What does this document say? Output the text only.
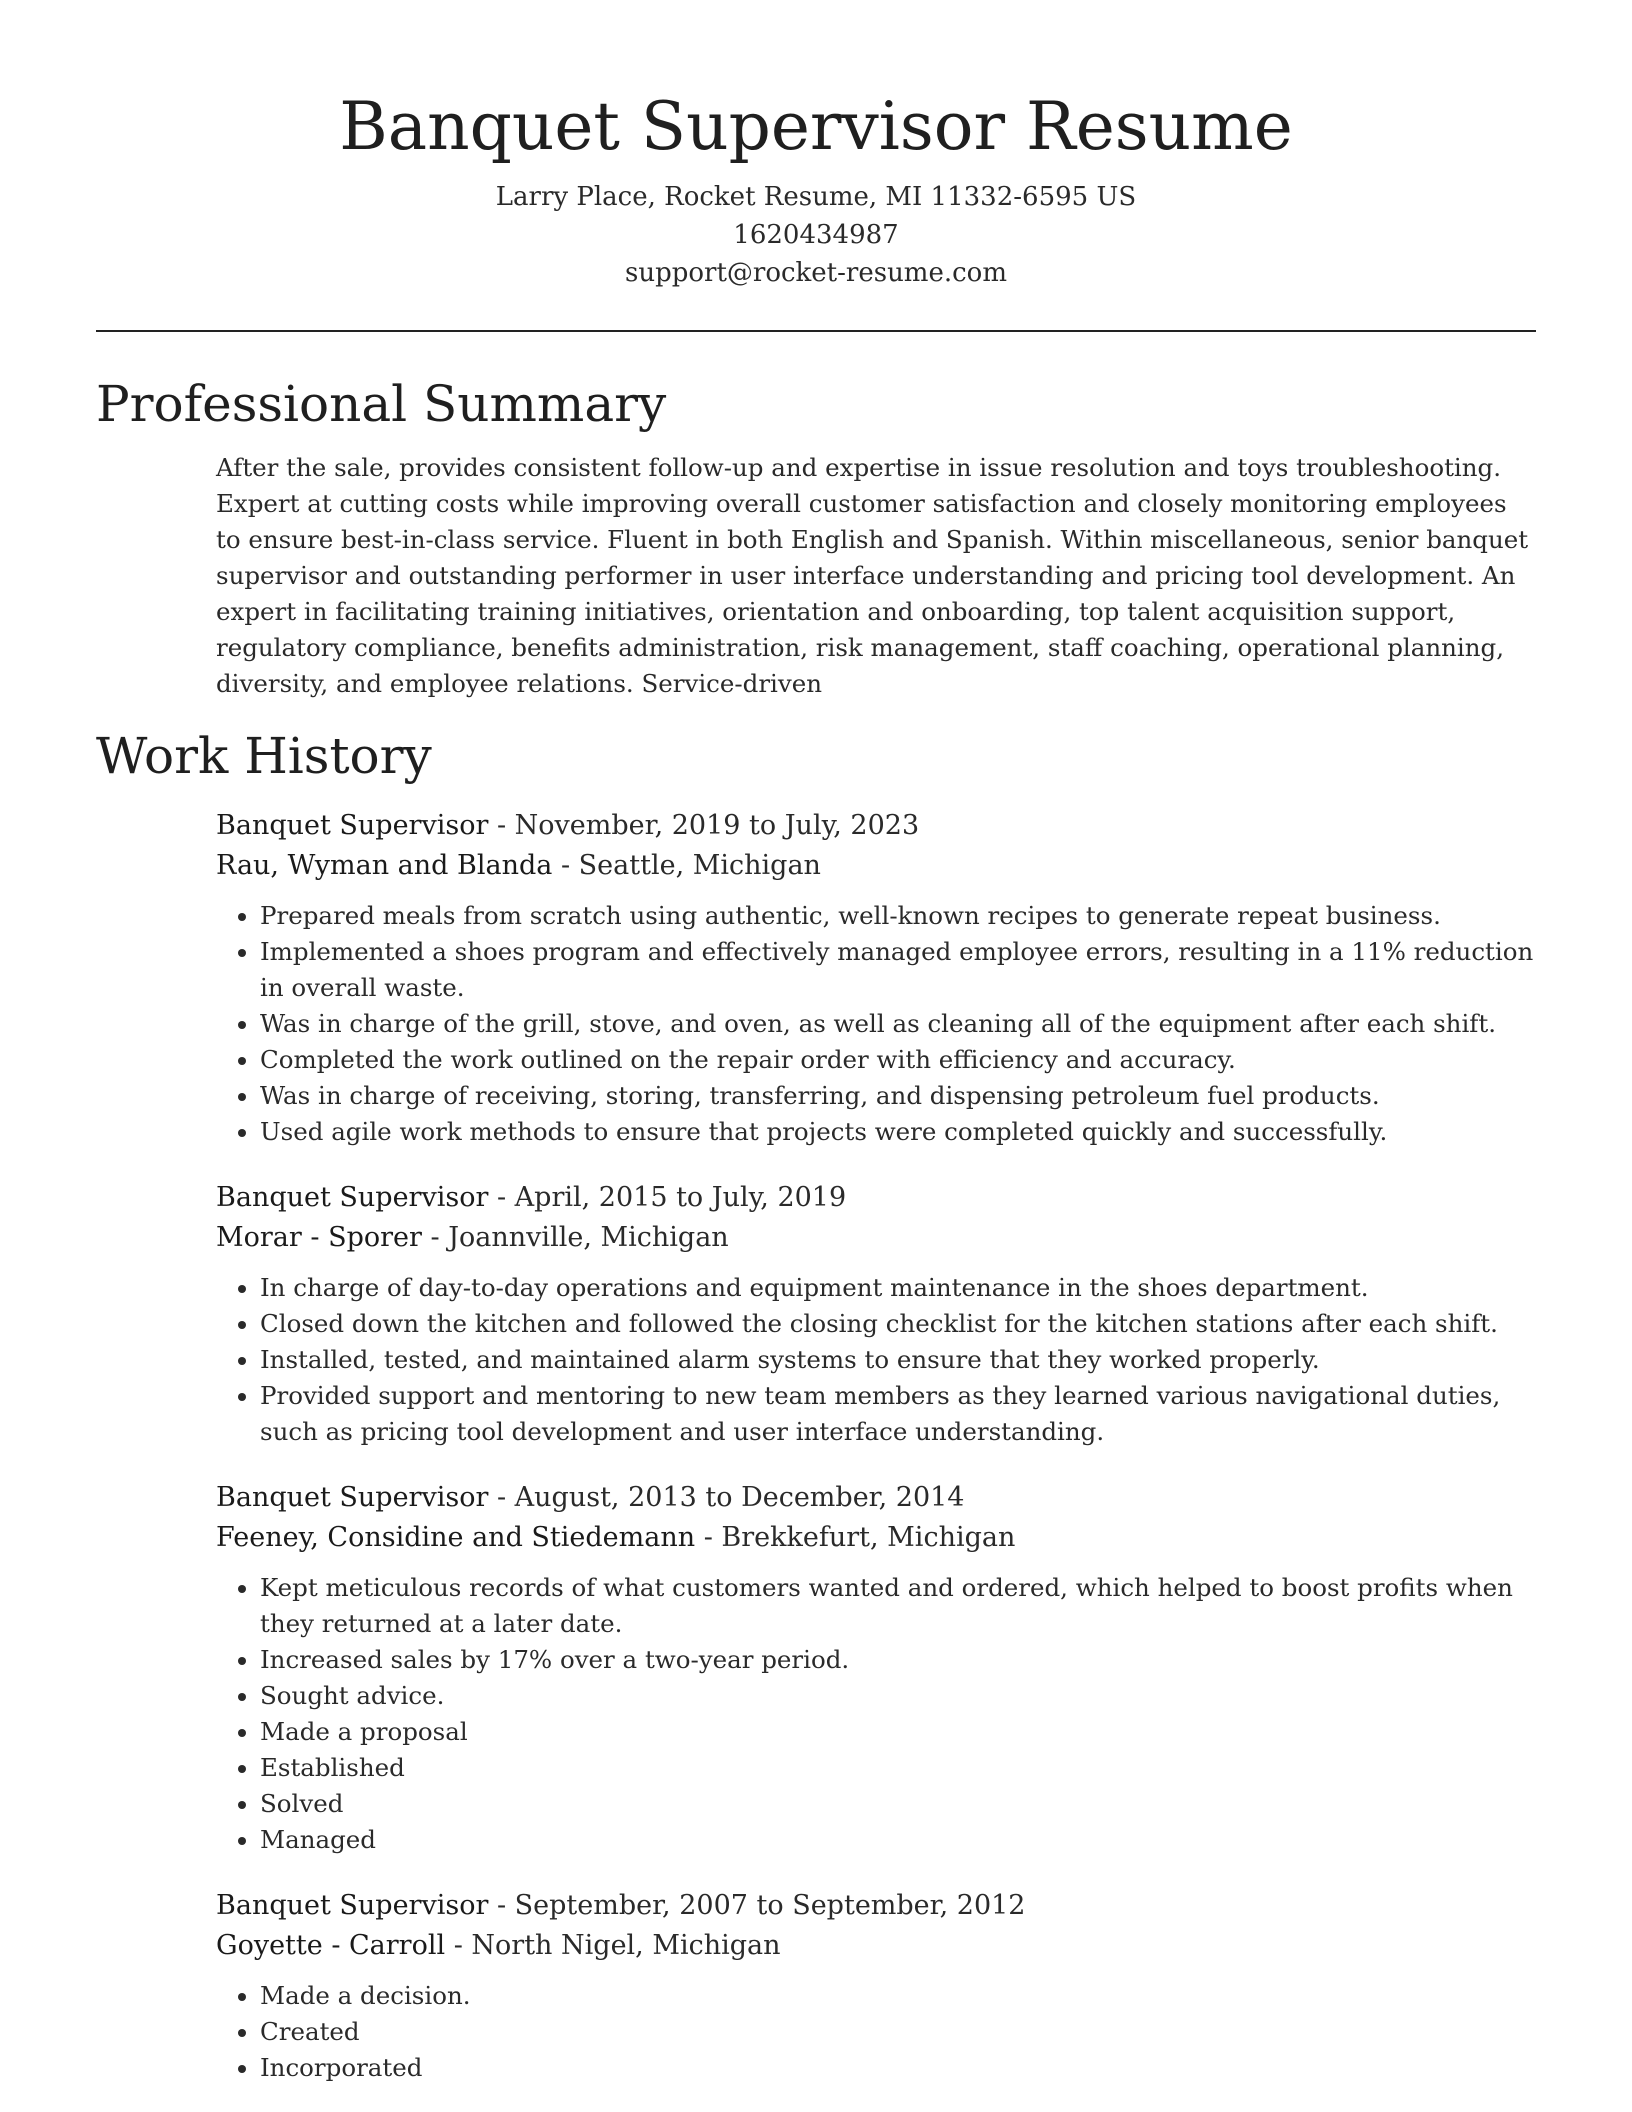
Banquet Supervisor Resume
Larry Place, Rocket Resume, MI 11332-6595 US
1620434987
support@rocket-resume.com
Professional Summary

After the sale, provides consistent follow-up and expertise in issue resolution and toys troubleshooting. Expert at cutting costs while improving overall customer satisfaction and closely monitoring employees to ensure best-in-class service. Fluent in both English and Spanish. Within miscellaneous, senior banquet supervisor and outstanding performer in user interface understanding and pricing tool development. An expert in facilitating training initiatives, orientation and onboarding, top talent acquisition support, regulatory compliance, benefits administration, risk management, staff coaching, operational planning, diversity, and employee relations. Service-driven

Work History
Banquet Supervisor - November, 2019 to July, 2023
Rau, Wyman and Blanda - Seattle, Michigan
• Prepared meals from scratch using authentic, well-known recipes to generate repeat business.
• Implemented a shoes program and effectively managed employee errors, resulting in a 11% reduction in overall waste.
• Was in charge of the grill, stove, and oven, as well as cleaning all of the equipment after each shift.
• Completed the work outlined on the repair order with efficiency and accuracy.
• Was in charge of receiving, storing, transferring, and dispensing petroleum fuel products.
• Used agile work methods to ensure that projects were completed quickly and successfully.
Banquet Supervisor - April, 2015 to July, 2019
Morar - Sporer - Joannville, Michigan
• In charge of day-to-day operations and equipment maintenance in the shoes department.
• Closed down the kitchen and followed the closing checklist for the kitchen stations after each shift.
• Installed, tested, and maintained alarm systems to ensure that they worked properly.
• Provided support and mentoring to new team members as they learned various navigational duties, such as pricing tool development and user interface understanding.
Banquet Supervisor - August, 2013 to December, 2014
Feeney, Considine and Stiedemann - Brekkefurt, Michigan
• Kept meticulous records of what customers wanted and ordered, which helped to boost profits when they returned at a later date.
• Increased sales by 17% over a two-year period.
• Sought advice.
• Made a proposal
• Established
• Solved
• Managed
Banquet Supervisor - September, 2007 to September, 2012
Goyette - Carroll - North Nigel, Michigan
• Made a decision.
• Created
• Incorporated
